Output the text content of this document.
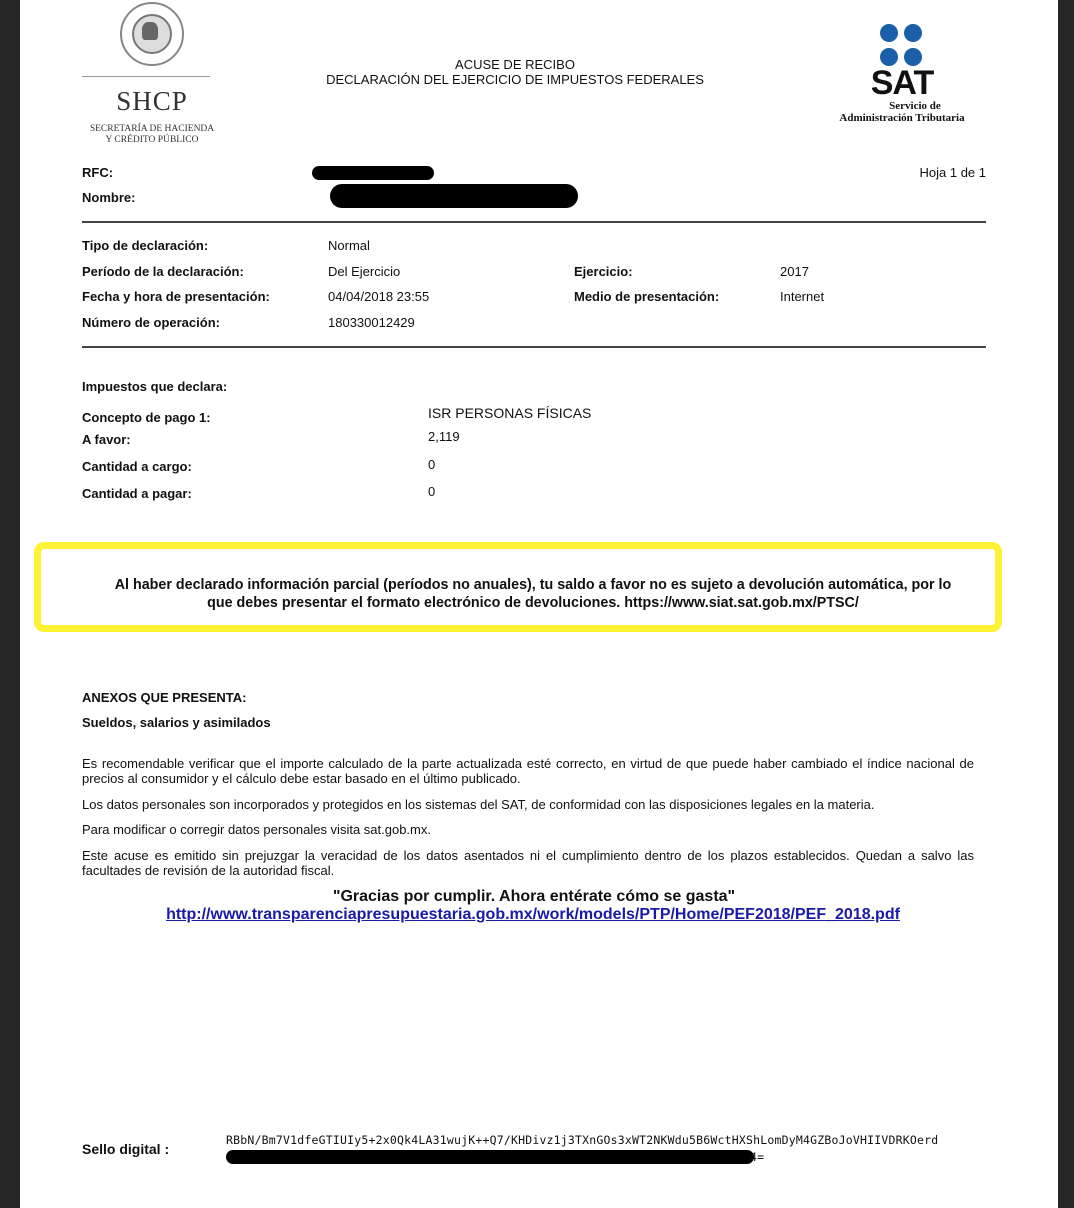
SHCP
SECRETARÍA DE HACIENDA
Y CRÉDITO PÚBLICO
ACUSE DE RECIBO
DECLARACIÓN DEL EJERCICIO DE IMPUESTOS FEDERALES	SAT
Servicio de
Administración Tributaria
RFC:
Nombre:
Hoja 1 de 1
Tipo de declaración:	Normal
Período de la declaración:	Del Ejercicio	Ejercicio:	2017
Fecha y hora de presentación:	04/04/2018 23:55	Medio de presentación:	Internet
Número de operación:	180330012429
Impuestos que declara:
Concepto de pago 1:	ISR PERSONAS FÍSICAS
A favor:	2,119
Cantidad a cargo:	0
Cantidad a pagar:	0
Al haber declarado información parcial (períodos no anuales), tu saldo a favor no es sujeto a devolución automática, por lo
que debes presentar el formato electrónico de devoluciones. https://www.siat.sat.gob.mx/PTSC/
ANEXOS QUE PRESENTA:
Sueldos, salarios y asimilados
Es recomendable verificar que el importe calculado de la parte actualizada esté correcto, en virtud de que puede haber cambiado el índice nacional de precios al consumidor y el cálculo debe estar basado en el último publicado.
Los datos personales son incorporados y protegidos en los sistemas del SAT, de conformidad con las disposiciones legales en la materia.
Para modificar o corregir datos personales visita sat.gob.mx.
Este acuse es emitido sin prejuzgar la veracidad de los datos asentados ni el cumplimiento dentro de los plazos establecidos. Quedan a salvo las facultades de revisión de la autoridad fiscal.
"Gracias por cumplir. Ahora entérate cómo se gasta"
http://www.transparenciapresupuestaria.gob.mx/work/models/PTP/Home/PEF2018/PEF_2018.pdf
Sello digital :
RBbN/Bm7V1dfeGTIUIy5+2x0Qk4LA31wujK++Q7/KHDivz1j3TXnGOs3xWT2NKWdu5B6WctHXShLomDyM4GZBoJoVHIIVDRKOerd
4=
